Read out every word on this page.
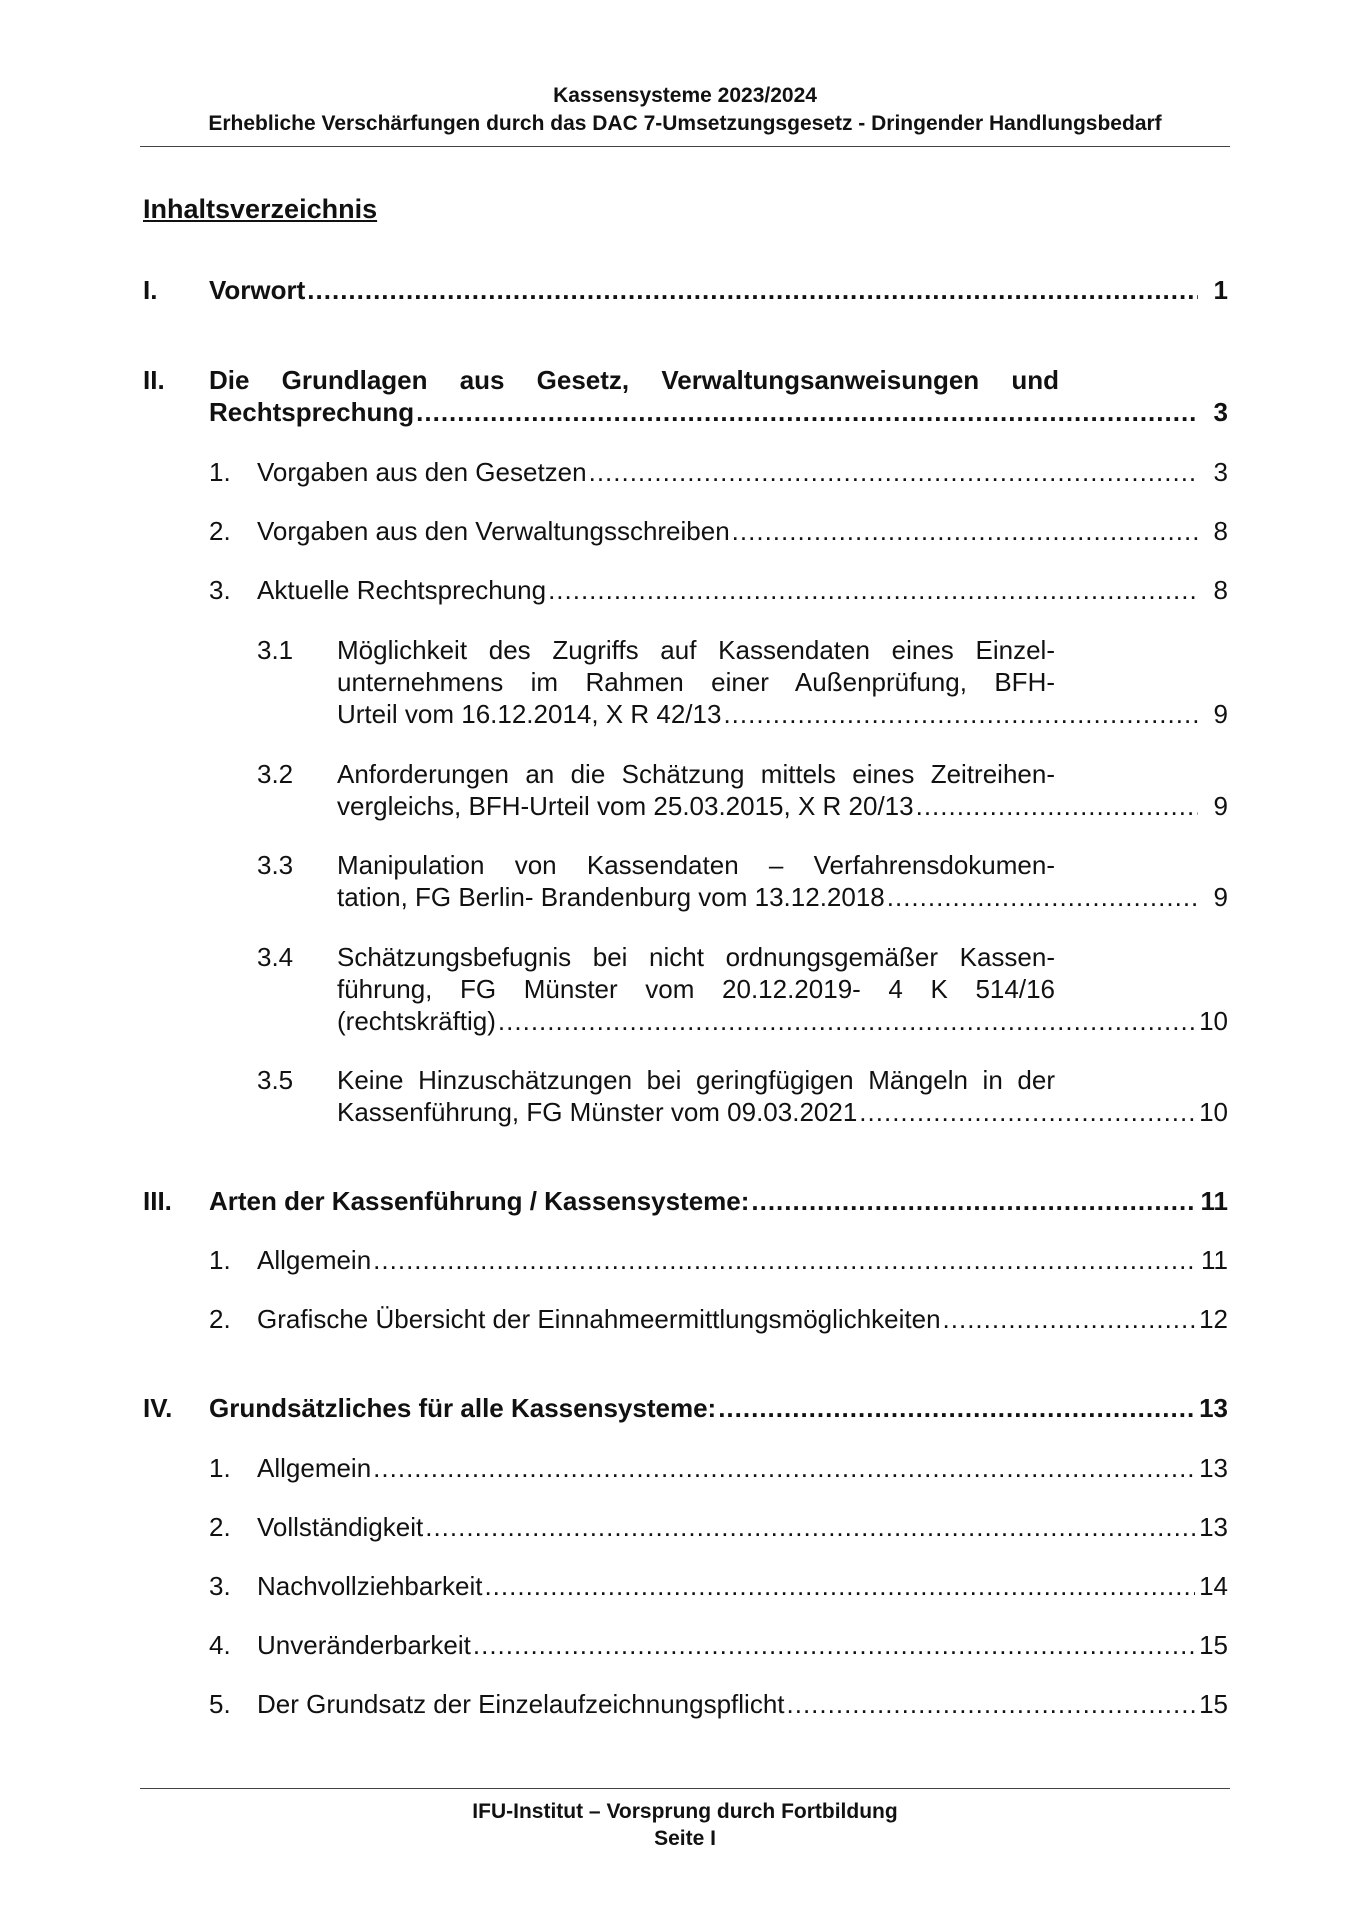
Kassensysteme 2023/2024
Erhebliche Verschärfungen durch das DAC 7-Umsetzungsgesetz - Dringender Handlungsbedarf
Inhaltsverzeichnis
I. Vorwort .....	1
II. Die Grundlagen aus Gesetz, Verwaltungsanweisungen und
Rechtsprechung .....	3
1. Vorgaben aus den Gesetzen .....	3
2. Vorgaben aus den Verwaltungsschreiben .....	8
3. Aktuelle Rechtsprechung .....	8
3.1 Möglichkeit des Zugriffs auf Kassendaten eines Einzel-
unternehmens im Rahmen einer Außenprüfung, BFH-
Urteil vom 16.12.2014, X R 42/13 .....	9
3.2 Anforderungen an die Schätzung mittels eines Zeitreihen-
vergleichs, BFH-Urteil vom 25.03.2015, X R 20/13 .....	9
3.3 Manipulation von Kassendaten – Verfahrensdokumen-
tation, FG Berlin- Brandenburg vom 13.12.2018 .....	9
3.4 Schätzungsbefugnis bei nicht ordnungsgemäßer Kassen-
führung, FG Münster vom 20.12.2019- 4 K 514/16
(rechtskräftig) .....	10
3.5 Keine Hinzuschätzungen bei geringfügigen Mängeln in der
Kassenführung, FG Münster vom 09.03.2021 .....	10
III. Arten der Kassenführung / Kassensysteme: .....	11
1. Allgemein .....	11
2. Grafische Übersicht der Einnahmeermittlungsmöglichkeiten .....	12
IV. Grundsätzliches für alle Kassensysteme: .....	13
1. Allgemein .....	13
2. Vollständigkeit .....	13
3. Nachvollziehbarkeit .....	14
4. Unveränderbarkeit .....	15
5. Der Grundsatz der Einzelaufzeichnungspflicht .....	15
IFU-Institut – Vorsprung durch Fortbildung
Seite I
